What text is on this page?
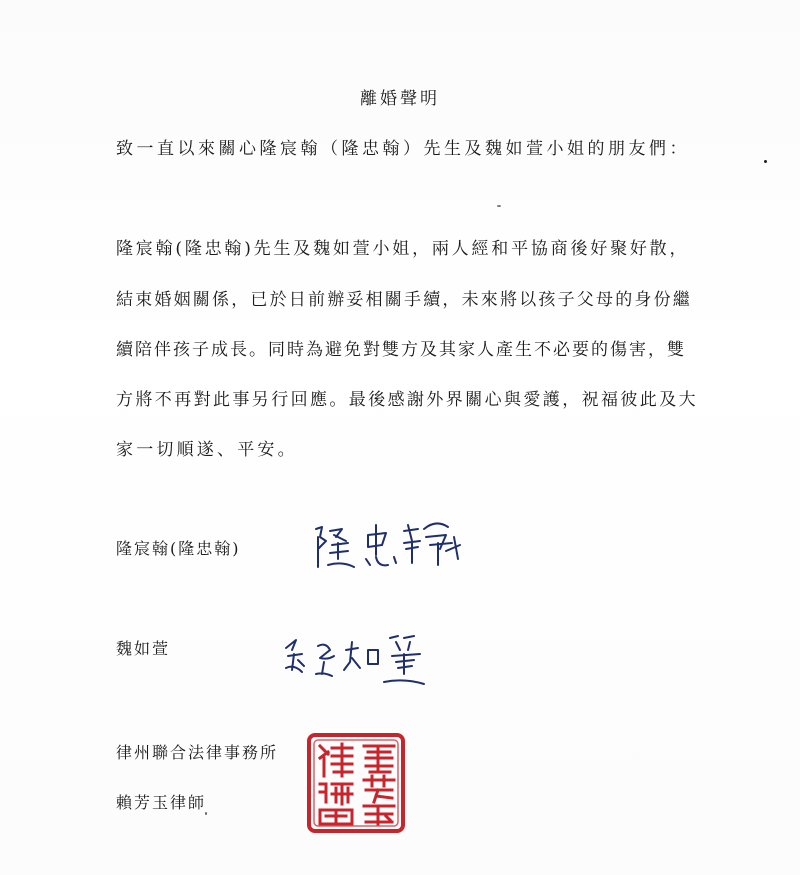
離婚聲明
致一直以來關心隆宸翰（隆忠翰）先生及魏如萱小姐的朋友們：
隆宸翰(隆忠翰)先生及魏如萱小姐，兩人經和平協商後好聚好散，
結束婚姻關係，已於日前辦妥相關手續，未來將以孩子父母的身份繼
續陪伴孩子成長。同時為避免對雙方及其家人產生不必要的傷害，雙
方將不再對此事另行回應。最後感謝外界關心與愛護，祝福彼此及大
家一切順遂、平安。
隆宸翰(隆忠翰)
魏如萱
律州聯合法律事務所
賴芳玉律師
